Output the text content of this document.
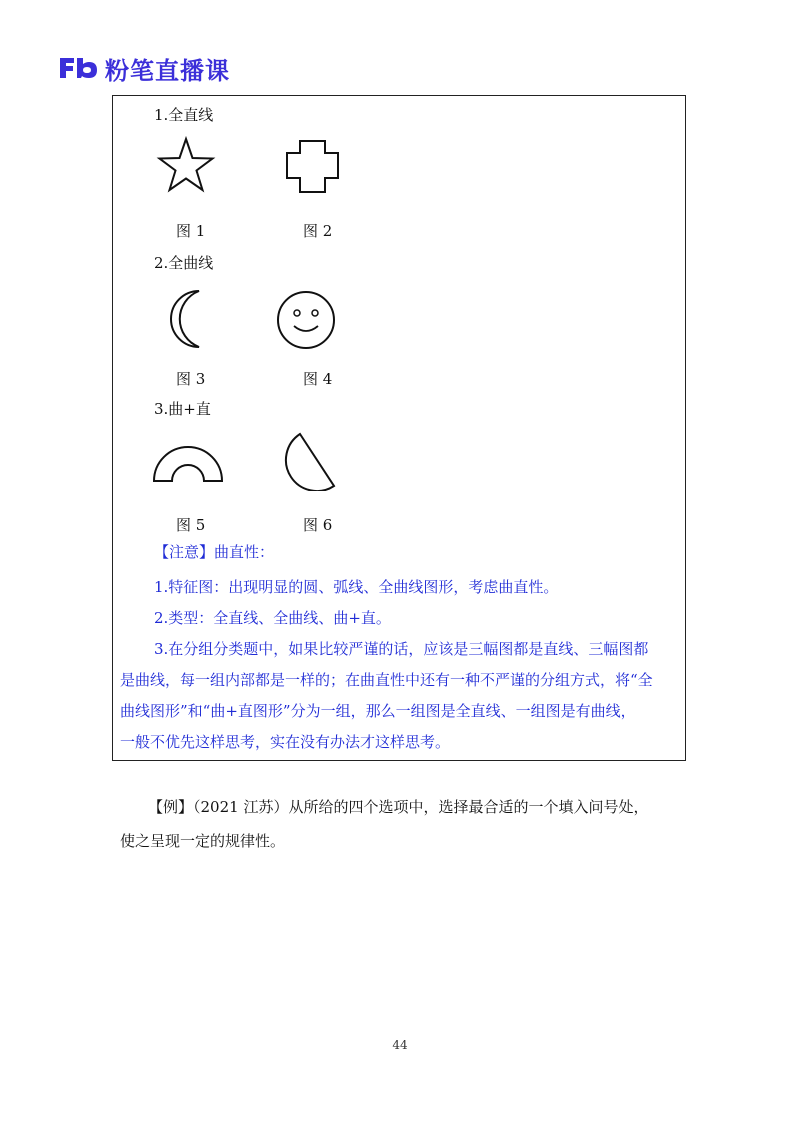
粉笔直播课
1.全直线
图 1	图 2
2.全曲线
图 3	图 4
3.曲+直
图 5	图 6
【注意】曲直性：
1.特征图：出现明显的圆、弧线、全曲线图形，考虑曲直性。
2.类型：全直线、全曲线、曲+直。
3.在分组分类题中，如果比较严谨的话，应该是三幅图都是直线、三幅图都
是曲线，每一组内部都是一样的；在曲直性中还有一种不严谨的分组方式，将“全
曲线图形”和“曲+直图形”分为一组，那么一组图是全直线、一组图是有曲线，
一般不优先这样思考，实在没有办法才这样思考。
【例】（2021 江苏）从所给的四个选项中，选择最合适的一个填入问号处，
使之呈现一定的规律性。
44
